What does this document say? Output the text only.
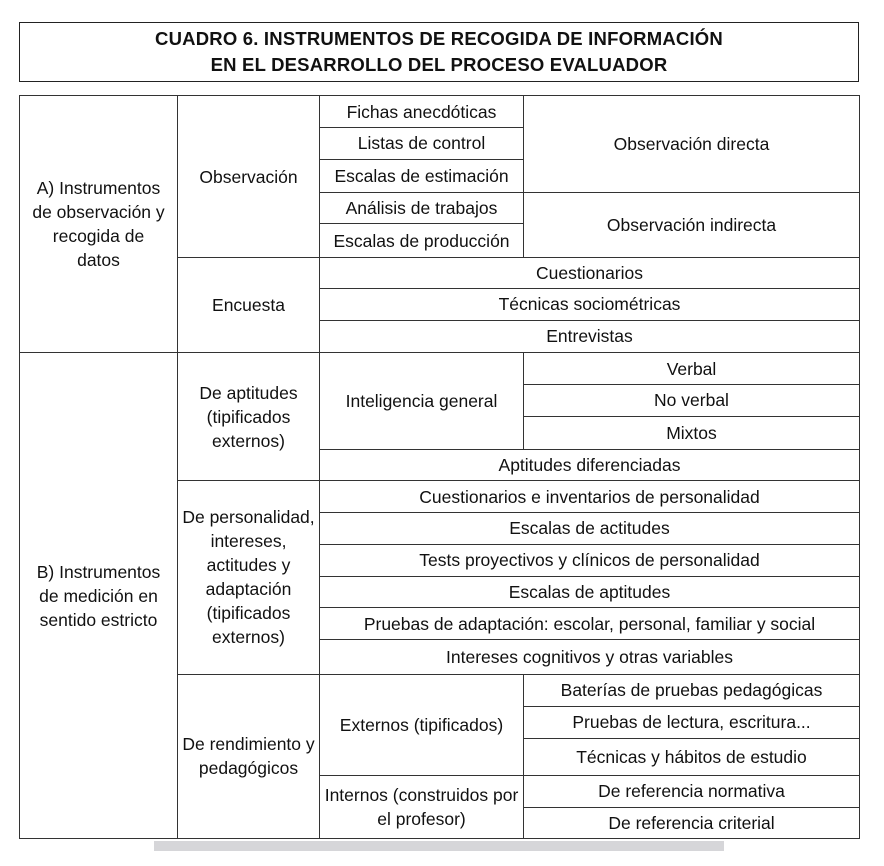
CUADRO 6. INSTRUMENTOS DE RECOGIDA DE INFORMACIÓN
EN EL DESARROLLO DEL PROCESO EVALUADOR
A) Instrumentos de observación y recogida de datos	Observación	Fichas anecdóticas	Observación directa
		Listas de control	
		Escalas de estimación	
		Análisis de trabajos	Observación indirecta
		Escalas de producción	
	Encuesta	Cuestionarios	
		Técnicas sociométricas	
		Entrevistas	
B) Instrumentos de medición en sentido estricto	De aptitudes (tipificados externos)	Inteligencia general	Verbal
			No verbal
			Mixtos
		Aptitudes diferenciadas	
	De personalidad, intereses, actitudes y adaptación (tipificados externos)	Cuestionarios e inventarios de personalidad	
		Escalas de actitudes	
		Tests proyectivos y clínicos de personalidad	
		Escalas de aptitudes	
		Pruebas de adaptación: escolar, personal, familiar y social	
		Intereses cognitivos y otras variables	
	De rendimiento y pedagógicos	Externos (tipificados)	Baterías de pruebas pedagógicas
			Pruebas de lectura, escritura...
			Técnicas y hábitos de estudio
		Internos (construidos por el profesor)	De referencia normativa
			De referencia criterial
